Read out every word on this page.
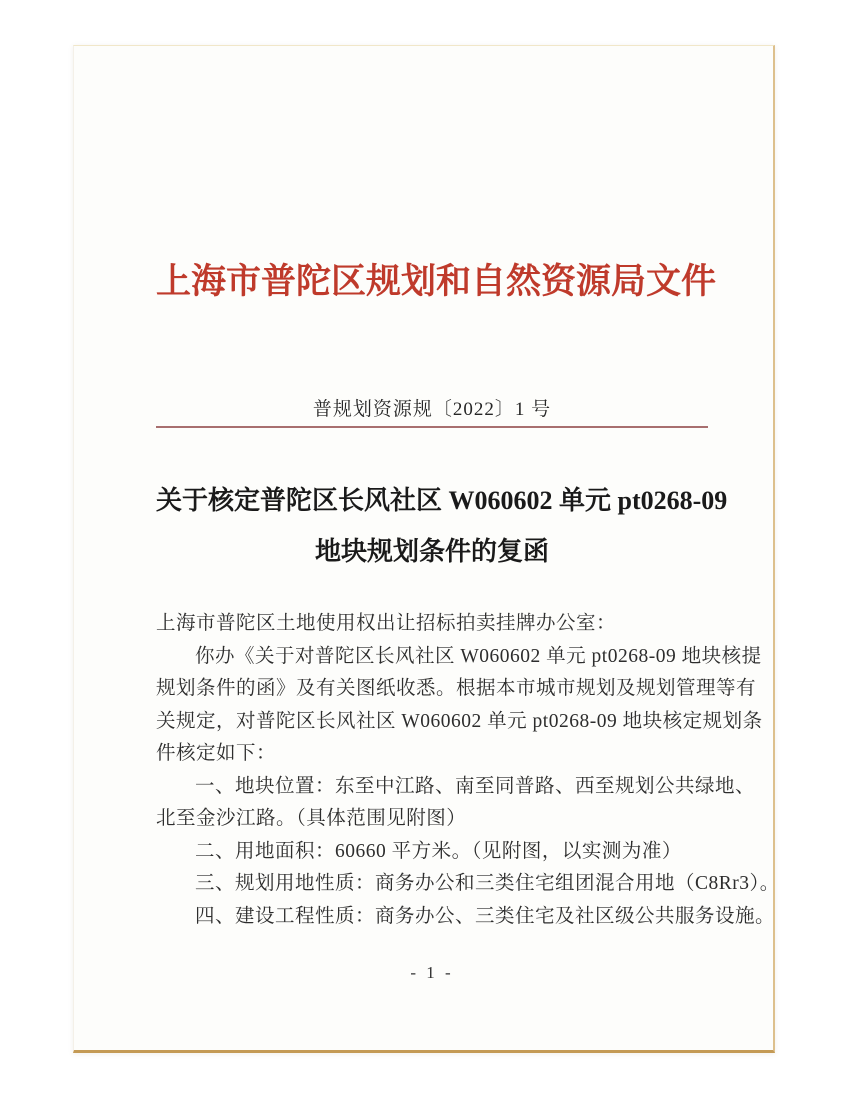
上海市普陀区规划和自然资源局文件
普规划资源规〔2022〕1 号
关于核定普陀区长风社区 W060602 单元 pt0268-09
地块规划条件的复函

上海市普陀区土地使用权出让招标拍卖挂牌办公室：

你办《关于对普陀区长风社区 W060602 单元 pt0268-09 地块核提

规划条件的函》及有关图纸收悉。根据本市城市规划及规划管理等有

关规定，对普陀区长风社区 W060602 单元 pt0268-09 地块核定规划条

件核定如下：

一、地块位置：东至中江路、南至同普路、西至规划公共绿地、

北至金沙江路。（具体范围见附图）

二、用地面积：60660 平方米。（见附图，以实测为准）

三、规划用地性质：商务办公和三类住宅组团混合用地（C8Rr3）。

四、建设工程性质：商务办公、三类住宅及社区级公共服务设施。

- 1 -
